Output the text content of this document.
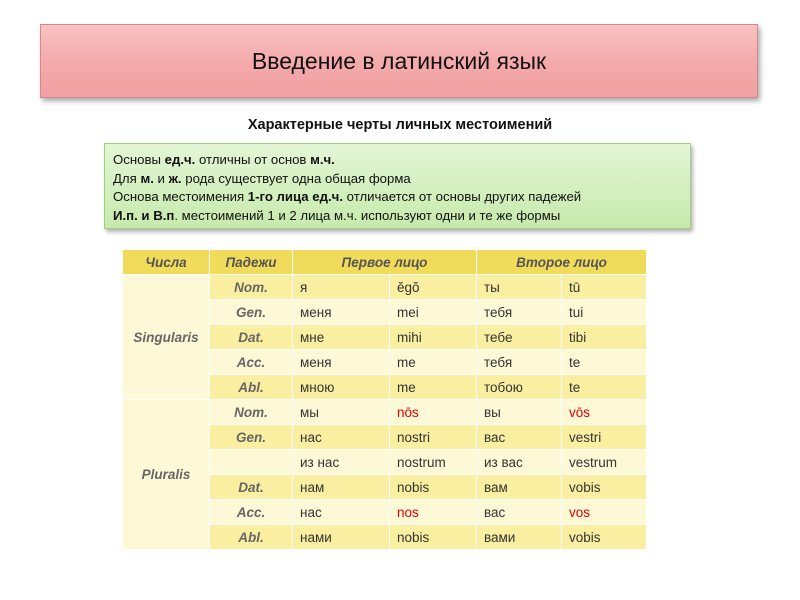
Введение в латинский язык
Характерные черты личных местоимений
Основы ед.ч. отличны от основ м.ч.
Для м. и ж. рода существует одна общая форма
Основа местоимения 1-го лица ед.ч. отличается от основы других падежей
И.п. и В.п. местоимений 1 и 2 лица м.ч. используют одни и те же формы
Числа	Падежи	Первое лицо		Второе лицо	
Singularis	Nom.	я	ĕgŏ	ты	tū
	Gen.	меня	mei	тебя	tui
	Dat.	мне	mihi	тебе	tibi
	Acc.	меня	me	тебя	te
	Abl.	мною	me	тобою	te
Pluralis	Nom.	мы	nōs	вы	vōs
	Gen.	нас	nostri	вас	vestri
		из нас	nostrum	из вас	vestrum
	Dat.	нам	nobis	вам	vobis
	Acc.	нас	nos	вас	vos
	Abl.	нами	nobis	вами	vobis
